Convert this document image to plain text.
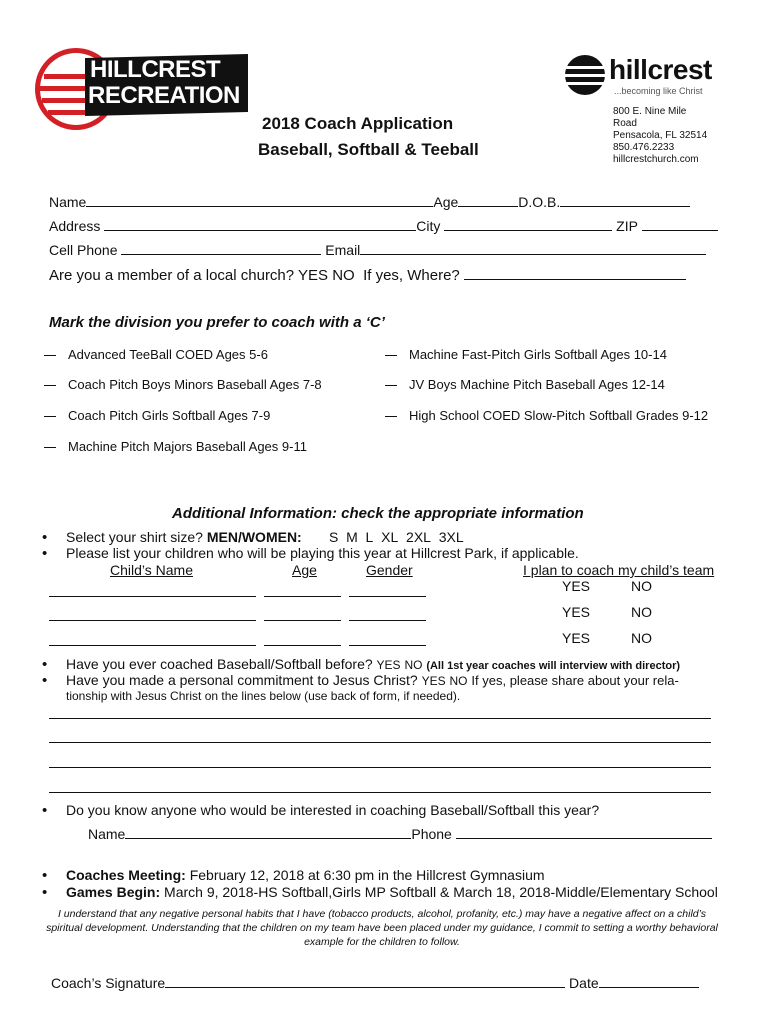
HILLCREST
RECREATION
hillcrest
...becoming like Christ
800 E. Nine Mile
Road
Pensacola, FL 32514
850.476.2233
hillcrestchurch.com
2018 Coach Application
Baseball, Softball & Teeball
Name	Age	D.O.B.
Address	City	ZIP
Cell Phone	Email
Are you a member of a local church? YES NO If yes, Where?
Mark the division you prefer to coach with a ‘C’
Advanced TeeBall COED Ages 5-6	Machine Fast-Pitch Girls Softball Ages 10-14
Coach Pitch Boys Minors Baseball Ages 7-8	JV Boys Machine Pitch Baseball Ages 12-14
Coach Pitch Girls Softball Ages 7-9	High School COED Slow-Pitch Softball Grades 9-12
Machine Pitch Majors Baseball Ages 9-11
Additional Information: check the appropriate information
• Select your shirt size? MEN/WOMEN: S M L XL 2XL 3XL
• Please list your children who will be playing this year at Hillcrest Park, if applicable.
Child’s Name	Age	Gender	I plan to coach my child’s team
YES	NO
YES	NO
YES	NO
• Have you ever coached Baseball/Softball before? YES NO (All 1st year coaches will interview with director)
• Have you made a personal commitment to Jesus Christ? YES NO If yes, please share about your rela-
tionship with Jesus Christ on the lines below (use back of form, if needed).
• Do you know anyone who would be interested in coaching Baseball/Softball this year?
Name	Phone
• Coaches Meeting: February 12, 2018 at 6:30 pm in the Hillcrest Gymnasium
• Games Begin: March 9, 2018-HS Softball,Girls MP Softball & March 18, 2018-Middle/Elementary School
I understand that any negative personal habits that I have (tobacco products, alcohol, profanity, etc.) may have a negative affect on a child’s spiritual development. Understanding that the children on my team have been placed under my guidance, I commit to setting a worthy behavioral example for the children to follow.
Coach’s Signature	Date
